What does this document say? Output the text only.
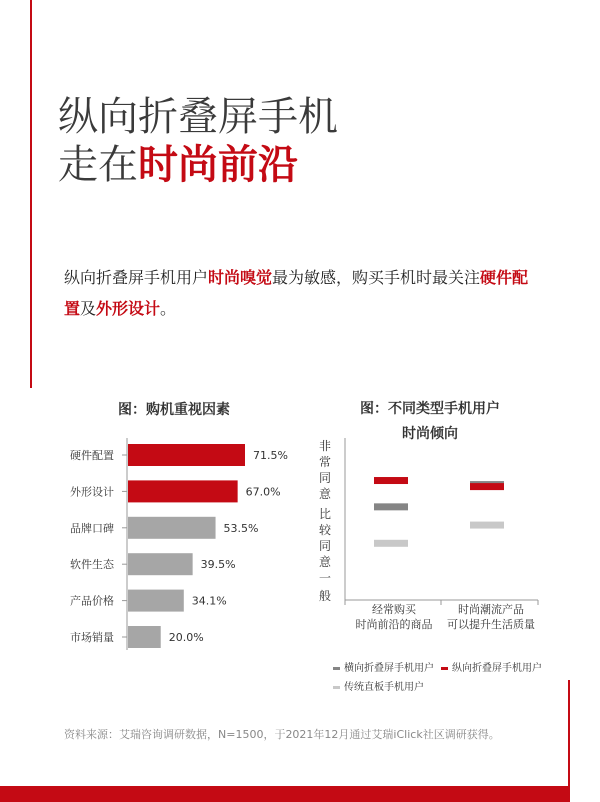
纵向折叠屏手机
走在时尚前沿
纵向折叠屏手机用户时尚嗅觉最为敏感，购买手机时最关注硬件配置及外形设计。
图：购机重视因素	图：不同类型手机用户
时尚倾向
硬件配置	71.5%
外形设计	67.0%
品牌口碑	53.5%
软件生态	39.5%
产品价格	34.1%
市场销量	20.0%
非
常
同
意
比
较
同
意
一
般
经常购买
时尚前沿的商品
时尚潮流产品
可以提升生活质量
横向折叠屏手机用户	纵向折叠屏手机用户
传统直板手机用户
资料来源：艾瑞咨询调研数据，N=1500，于2021年12月通过艾瑞iClick社区调研获得。
